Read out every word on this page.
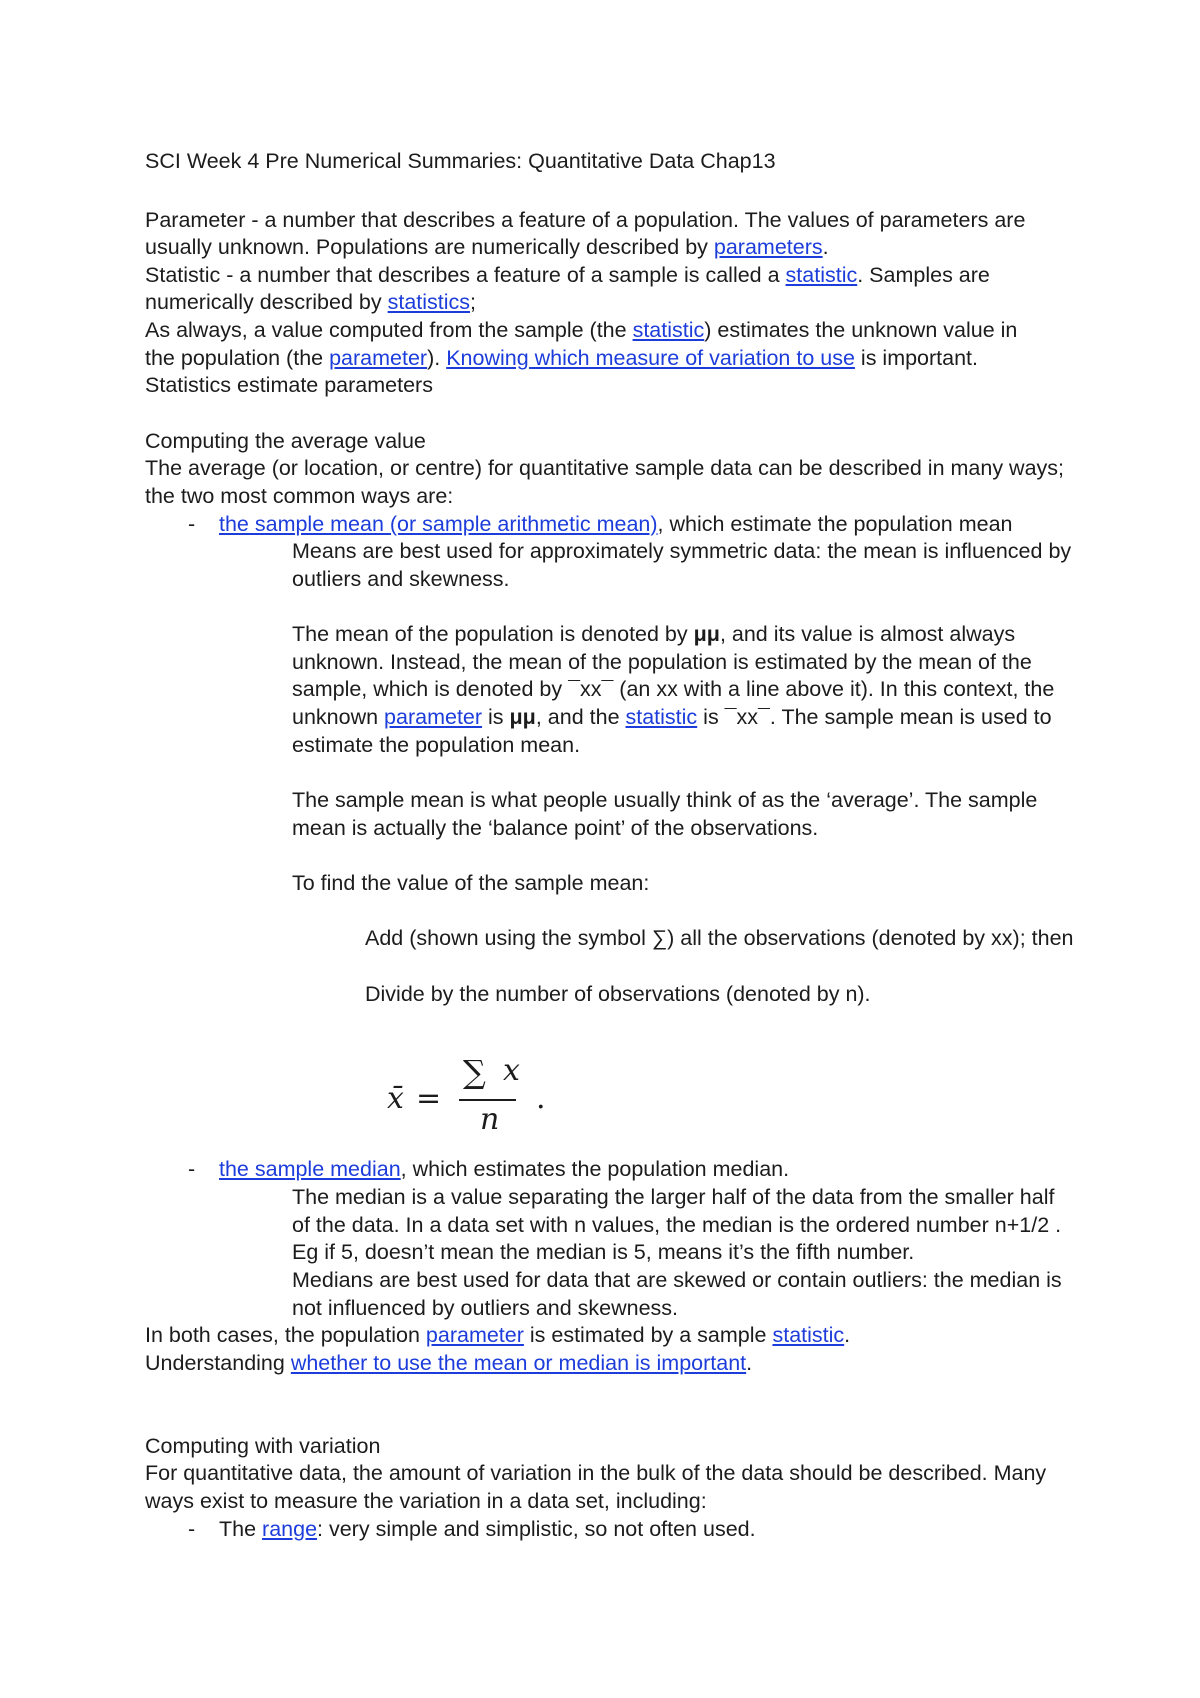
SCI Week 4 Pre Numerical Summaries: Quantitative Data Chap13
Parameter - a number that describes a feature of a population. The values of parameters are
usually unknown. Populations are numerically described by parameters.
Statistic - a number that describes a feature of a sample is called a statistic. Samples are
numerically described by statistics;
As always, a value computed from the sample (the statistic) estimates the unknown value in
the population (the parameter). Knowing which measure of variation to use is important.
Statistics estimate parameters
Computing the average value
The average (or location, or centre) for quantitative sample data can be described in many ways;
the two most common ways are:
- the sample mean (or sample arithmetic mean), which estimate the population mean
Means are best used for approximately symmetric data: the mean is influenced by
outliers and skewness.
The mean of the population is denoted by μμ, and its value is almost always
unknown. Instead, the mean of the population is estimated by the mean of the
sample, which is denoted by ¯xx¯ (an xx with a line above it). In this context, the
unknown parameter is μμ, and the statistic is ¯xx¯. The sample mean is used to
estimate the population mean.
The sample mean is what people usually think of as the ‘average’. The sample
mean is actually the ‘balance point’ of the observations.
To find the value of the sample mean:
Add (shown using the symbol ∑) all the observations (denoted by xx); then
Divide by the number of observations (denoted by n).
x̄ =
∑ x
n
.
- the sample median, which estimates the population median.
The median is a value separating the larger half of the data from the smaller half
of the data. In a data set with n values, the median is the ordered number n+1/2 .
Eg if 5, doesn’t mean the median is 5, means it’s the fifth number.
Medians are best used for data that are skewed or contain outliers: the median is
not influenced by outliers and skewness.
In both cases, the population parameter is estimated by a sample statistic.
Understanding whether to use the mean or median is important.
Computing with variation
For quantitative data, the amount of variation in the bulk of the data should be described. Many
ways exist to measure the variation in a data set, including:
- The range: very simple and simplistic, so not often used.
